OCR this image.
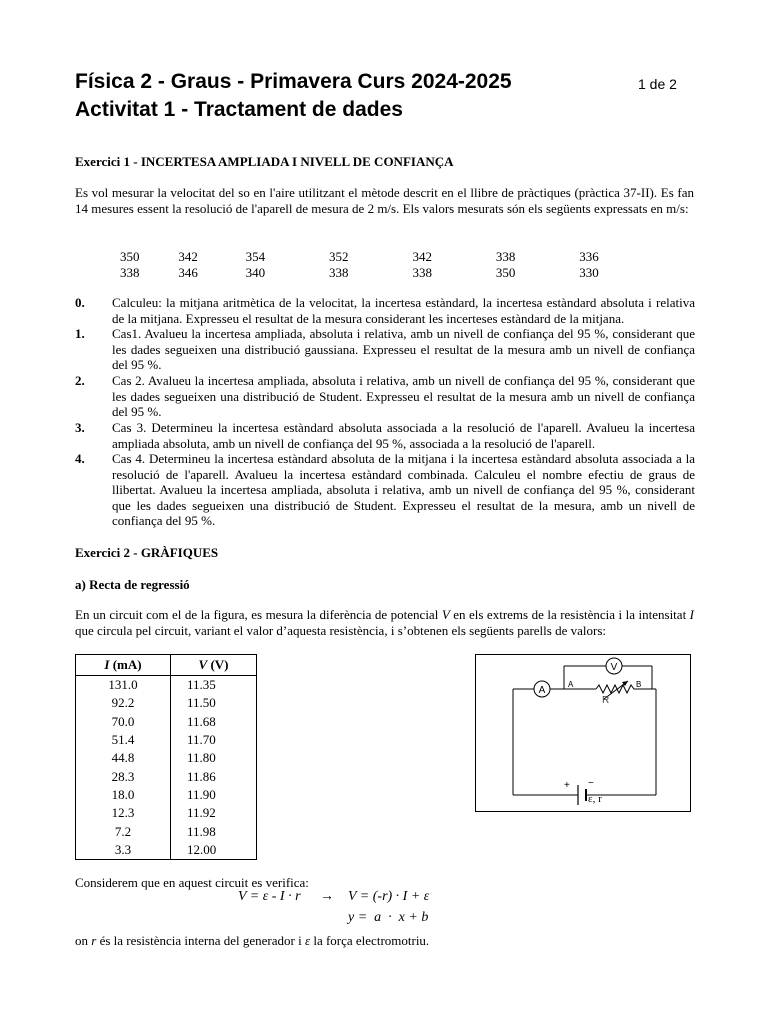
Física 2 - Graus - Primavera Curs 2024-2025	1 de 2
Activitat 1 - Tractament de dades
Exercici 1 - INCERTESA AMPLIADA I NIVELL DE CONFIANÇA
Es vol mesurar la velocitat del so en l'aire utilitzant el mètode descrit en el llibre de pràctiques (pràctica 37-II). Es fan 14 mesures essent la resolució de l'aparell de mesura de 2 m/s. Els valors mesurats són els següents expressats en m/s:
350	342	354	352	342	338	336
338	346	340	338	338	350	330
0. Calculeu: la mitjana aritmètica de la velocitat, la incertesa estàndard, la incertesa estàndard absoluta i relativa de la mitjana. Expresseu el resultat de la mesura considerant les incerteses estàndard de la mitjana.
1. Cas1. Avalueu la incertesa ampliada, absoluta i relativa, amb un nivell de confiança del 95 %, considerant que les dades segueixen una distribució gaussiana. Expresseu el resultat de la mesura amb un nivell de confiança del 95 %.
2. Cas 2. Avalueu la incertesa ampliada, absoluta i relativa, amb un nivell de confiança del 95 %, considerant que les dades segueixen una distribució de Student. Expresseu el resultat de la mesura amb un nivell de confiança del 95 %.
3. Cas 3. Determineu la incertesa estàndard absoluta associada a la resolució de l'aparell. Avalueu la incertesa ampliada absoluta, amb un nivell de confiança del 95 %, associada a la resolució de l'aparell.
4. Cas 4. Determineu la incertesa estàndard absoluta de la mitjana i la incertesa estàndard absoluta associada a la resolució de l'aparell. Avalueu la incertesa estàndard combinada. Calculeu el nombre efectiu de graus de llibertat. Avalueu la incertesa ampliada, absoluta i relativa, amb un nivell de confiança del 95 %, considerant que les dades segueixen una distribució de Student. Expresseu el resultat de la mesura, amb un nivell de confiança del 95 %.
Exercici 2 - GRÀFIQUES
a) Recta de regressió
En un circuit com el de la figura, es mesura la diferència de potencial V en els extrems de la resistència i la intensitat I que circula pel circuit, variant el valor d’aquesta resistència, i s’obtenen els següents parells de valors:
I (mA)	V (V)
131.0	11.35
92.2	11.50
70.0	11.68
51.4	11.70
44.8	11.80
28.3	11.86
18.0	11.90
12.3	11.92
7.2	11.98
3.3	12.00
A
V
A	B
R
+ −
ε, r
Considerem que en aquest circuit es verifica:
V = ε - I · r → V = (-r) · I + ε
y =  a  ·  x + b
on r és la resistència interna del generador i ε la força electromotriu.
